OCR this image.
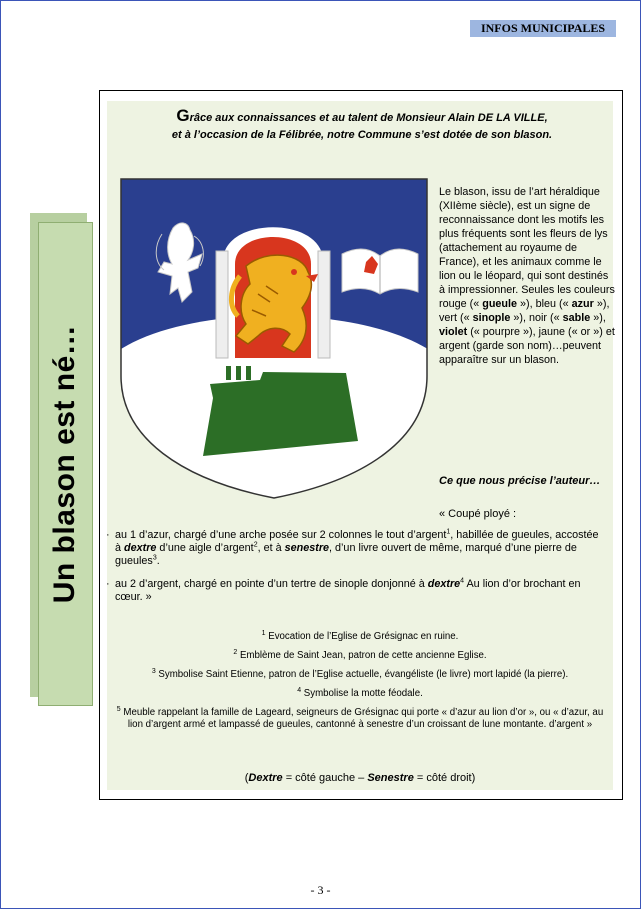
INFOS MUNICIPALES
Un blason est né…
Grâce aux connaissances et au talent de Monsieur Alain DE LA VILLE,
et à l’occasion de la Félibrée, notre Commune s’est dotée de son blason.
Le blason, issu de l’art héraldique (XIIème siècle), est un signe de reconnaissance dont les motifs les plus fréquents sont les fleurs de lys (attachement au royaume de France), et les animaux comme le lion ou le léopard, qui sont destinés à impressionner. Seules les couleurs rouge (« gueule »), bleu (« azur »), vert (« sinople »), noir (« sable »), violet (« pourpre »), jaune (« or ») et argent (garde son nom)…peuvent apparaître sur un blason.
Ce que nous précise l’auteur…
« Coupé ployé :
· au 1 d’azur, chargé d’une arche posée sur 2 colonnes le tout d’argent$^1$, habillée de gueules, accostée à dextre d’une aigle d’argent$^2$, et à senestre, d’un livre ouvert de même, marqué d’une pierre de gueules$^3$.
· au 2 d’argent, chargé en pointe d’un tertre de sinople donjonné à dextre$^4$ Au lion d’or brochant en cœur. »
$^1$ Evocation de l’Eglise de Grésignac en ruine.
$^2$ Emblème de Saint Jean, patron de cette ancienne Eglise.
$^3$ Symbolise Saint Etienne, patron de l’Eglise actuelle, évangéliste (le livre) mort lapidé (la pierre).
$^4$ Symbolise la motte féodale.
$^5$ Meuble rappelant la famille de Lageard, seigneurs de Grésignac qui porte « d’azur au lion d’or », ou « d’azur, au lion d’argent armé et lampassé de gueules, cantonné à senestre d’un croissant de lune montante. d’argent »
(Dextre = côté gauche – Senestre = côté droit)
- 3 -
